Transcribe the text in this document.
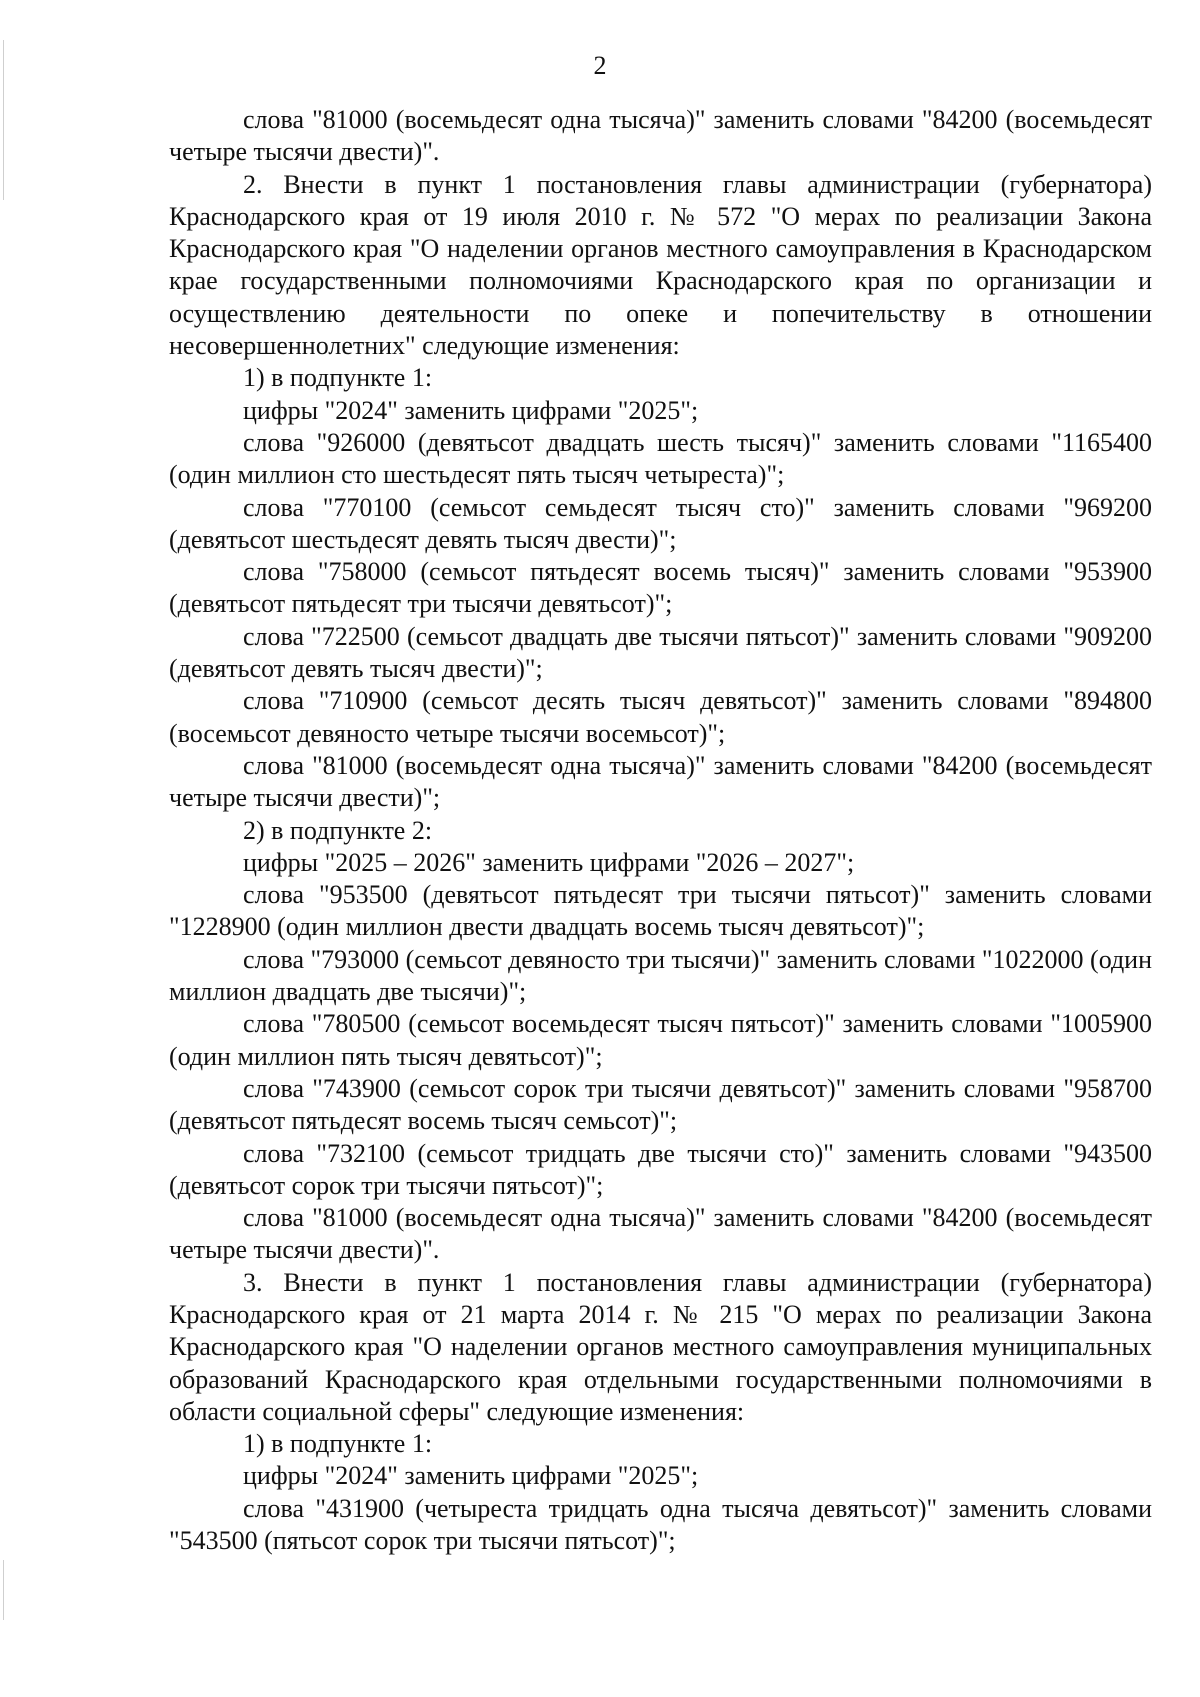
2

слова "81000 (восемьдесят одна тысяча)" заменить словами "84200 (восемьдесят четыре тысячи двести)".

2. Внести в пункт 1 постановления главы администрации (губернатора) Краснодарского края от 19 июля 2010 г. № 572 "О мерах по реализации Закона Краснодарского края "О наделении органов местного самоуправления в Краснодарском крае государственными полномочиями Краснодарского края по организации и осуществлению деятельности по опеке и попечительству в отношении несовершеннолетних" следующие изменения:

1) в подпункте 1:

цифры "2024" заменить цифрами "2025";

слова "926000 (девятьсот двадцать шесть тысяч)" заменить словами "1165400 (один миллион сто шестьдесят пять тысяч четыреста)";

слова "770100 (семьсот семьдесят тысяч сто)" заменить словами "969200 (девятьсот шестьдесят девять тысяч двести)";

слова "758000 (семьсот пятьдесят восемь тысяч)" заменить словами "953900 (девятьсот пятьдесят три тысячи девятьсот)";

слова "722500 (семьсот двадцать две тысячи пятьсот)" заменить словами "909200 (девятьсот девять тысяч двести)";

слова "710900 (семьсот десять тысяч девятьсот)" заменить словами "894800 (восемьсот девяносто четыре тысячи восемьсот)";

слова "81000 (восемьдесят одна тысяча)" заменить словами "84200 (восемьдесят четыре тысячи двести)";

2) в подпункте 2:

цифры "2025 – 2026" заменить цифрами "2026 – 2027";

слова "953500 (девятьсот пятьдесят три тысячи пятьсот)" заменить словами "1228900 (один миллион двести двадцать восемь тысяч девятьсот)";

слова "793000 (семьсот девяносто три тысячи)" заменить словами "1022000 (один миллион двадцать две тысячи)";

слова "780500 (семьсот восемьдесят тысяч пятьсот)" заменить словами "1005900 (один миллион пять тысяч девятьсот)";

слова "743900 (семьсот сорок три тысячи девятьсот)" заменить словами "958700 (девятьсот пятьдесят восемь тысяч семьсот)";

слова "732100 (семьсот тридцать две тысячи сто)" заменить словами "943500 (девятьсот сорок три тысячи пятьсот)";

слова "81000 (восемьдесят одна тысяча)" заменить словами "84200 (восемьдесят четыре тысячи двести)".

3. Внести в пункт 1 постановления главы администрации (губернатора) Краснодарского края от 21 марта 2014 г. № 215 "О мерах по реализации Закона Краснодарского края "О наделении органов местного самоуправления муниципальных образований Краснодарского края отдельными государственными полномочиями в области социальной сферы" следующие изменения:

1) в подпункте 1:

цифры "2024" заменить цифрами "2025";

слова "431900 (четыреста тридцать одна тысяча девятьсот)" заменить словами "543500 (пятьсот сорок три тысячи пятьсот)";
